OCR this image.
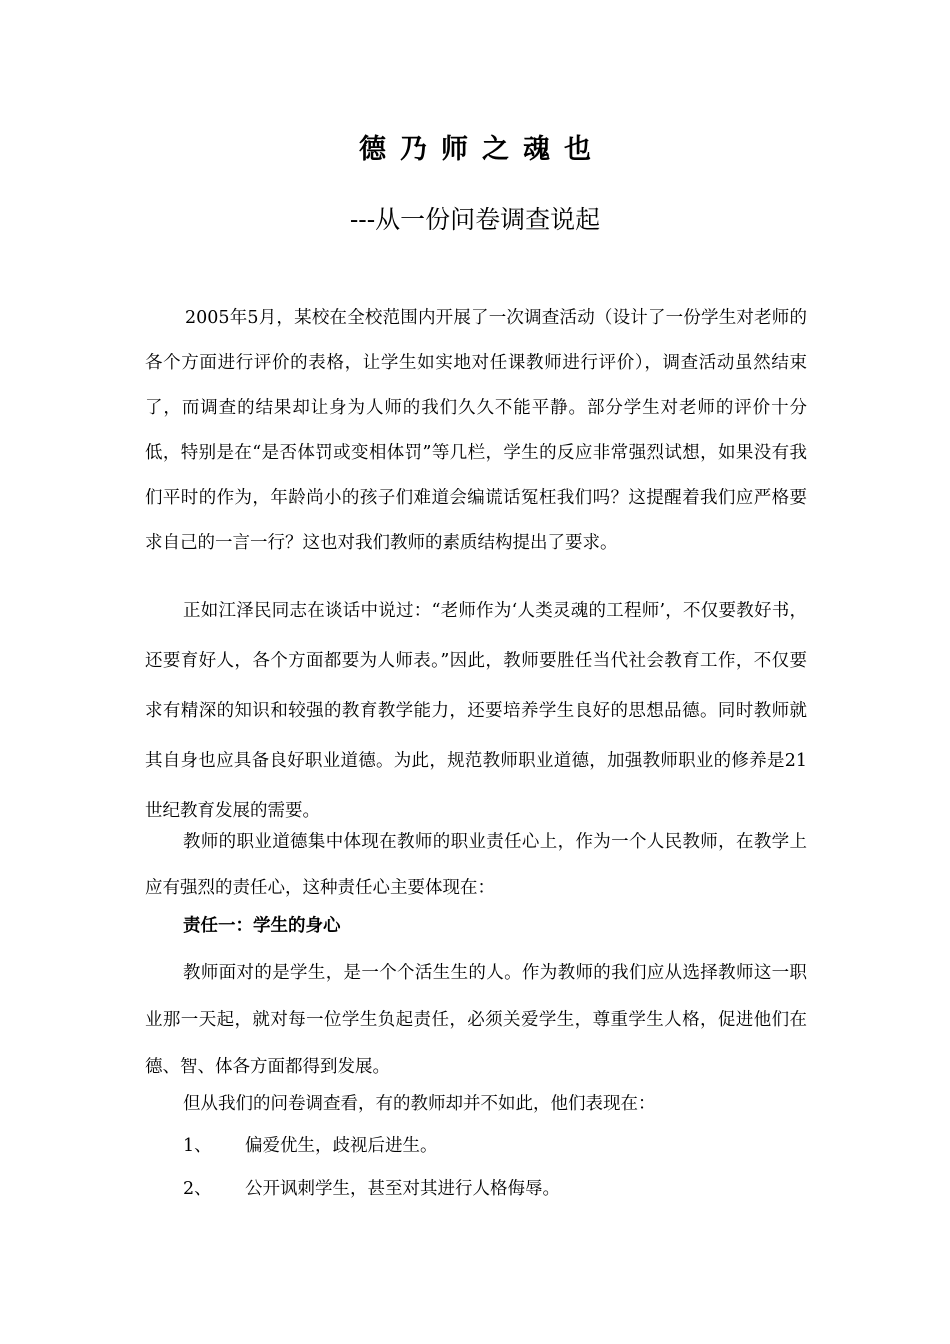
德乃师之魂也
---从一份问卷调查说起

2005年5月，某校在全校范围内开展了一次调查活动（设计了一份学生对老师的各个方面进行评价的表格，让学生如实地对任课教师进行评价），调查活动虽然结束了，而调查的结果却让身为人师的我们久久不能平静。部分学生对老师的评价十分低，特别是在“是否体罚或变相体罚”等几栏，学生的反应非常强烈试想，如果没有我们平时的作为，年龄尚小的孩子们难道会编谎话冤枉我们吗？这提醒着我们应严格要求自己的一言一行？这也对我们教师的素质结构提出了要求。

正如江泽民同志在谈话中说过：“老师作为‘人类灵魂的工程师’，不仅要教好书，还要育好人，各个方面都要为人师表。”因此，教师要胜任当代社会教育工作，不仅要求有精深的知识和较强的教育教学能力，还要培养学生良好的思想品德。同时教师就其自身也应具备良好职业道德。为此，规范教师职业道德，加强教师职业的修养是21世纪教育发展的需要。

教师的职业道德集中体现在教师的职业责任心上，作为一个人民教师，在教学上应有强烈的责任心，这种责任心主要体现在：

责任一：学生的身心

教师面对的是学生，是一个个活生生的人。作为教师的我们应从选择教师这一职业那一天起，就对每一位学生负起责任，必须关爱学生，尊重学生人格，促进他们在德、智、体各方面都得到发展。

但从我们的问卷调查看，有的教师却并不如此，他们表现在：

1、 偏爱优生，歧视后进生。
2、 公开讽刺学生，甚至对其进行人格侮辱。
